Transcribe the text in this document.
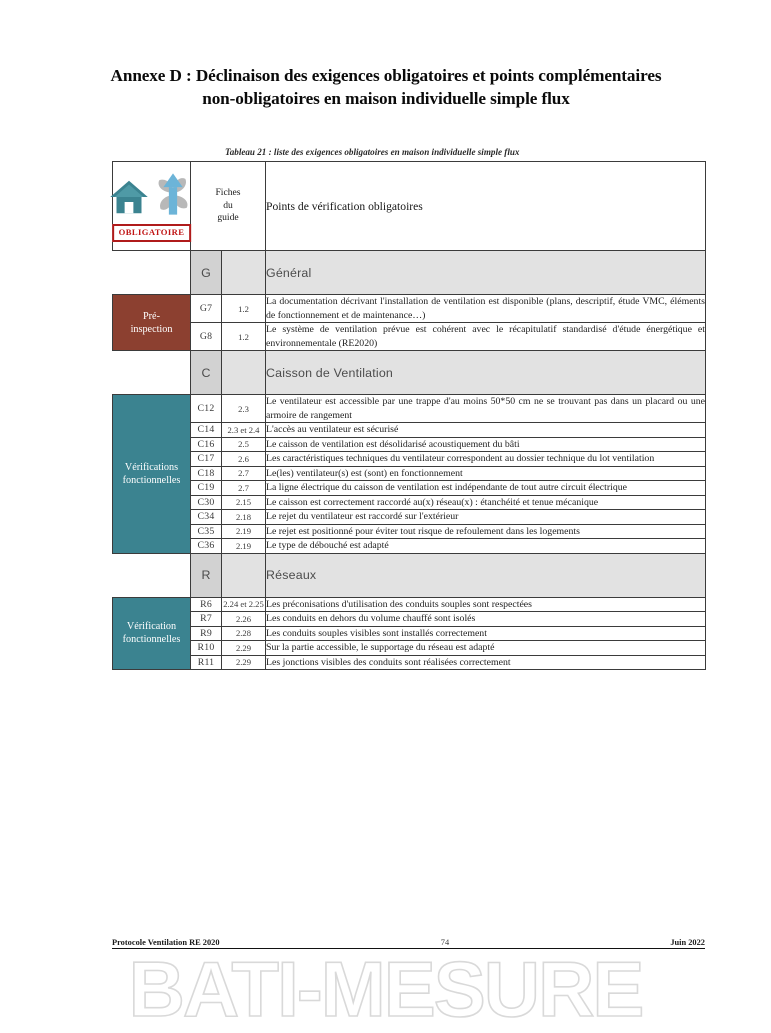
Annexe D : Déclinaison des exigences obligatoires et points complémentaires non-obligatoires en maison individuelle simple flux
Tableau 21 : liste des exigences obligatoires en maison individuelle simple flux
OBLIGATOIRE	Fiches
du
guide		Points de vérification obligatoires
	G		Général

Pré-
inspection	G7	1.2	La documentation décrivant l'installation de ventilation est disponible (plans, descriptif, étude VMC, éléments de fonctionnement et de maintenance…)
	G8	1.2	Le système de ventilation prévue est cohérent avec le récapitulatif standardisé d'étude énergétique et environnementale (RE2020)
	C		Caisson de Ventilation

Vérifications
fonctionnelles	C12	2.3	Le ventilateur est accessible par une trappe d'au moins 50*50 cm ne se trouvant pas dans un placard ou une armoire de rangement
	C14	2.3 et 2.4	L'accès au ventilateur est sécurisé
	C16	2.5	Le caisson de ventilation est désolidarisé acoustiquement du bâti
	C17	2.6	Les caractéristiques techniques du ventilateur correspondent au dossier technique du lot ventilation
	C18	2.7	Le(les) ventilateur(s) est (sont) en fonctionnement
	C19	2.7	La ligne électrique du caisson de ventilation est indépendante de tout autre circuit électrique
	C30	2.15	Le caisson est correctement raccordé au(x) réseau(x) : étanchéité et tenue mécanique
	C34	2.18	Le rejet du ventilateur est raccordé sur l'extérieur
	C35	2.19	Le rejet est positionné pour éviter tout risque de refoulement dans les logements
	C36	2.19	Le type de débouché est adapté
	R		Réseaux

Vérification
fonctionnelles	R6	2.24 et 2.25	Les préconisations d'utilisation des conduits souples sont respectées
	R7	2.26	Les conduits en dehors du volume chauffé sont isolés
	R9	2.28	Les conduits souples visibles sont installés correctement
	R10	2.29	Sur la partie accessible, le supportage du réseau est adapté
	R11	2.29	Les jonctions visibles des conduits sont réalisées correctement
Protocole Ventilation RE 2020	74	Juin 2022
BATI-MESURE
